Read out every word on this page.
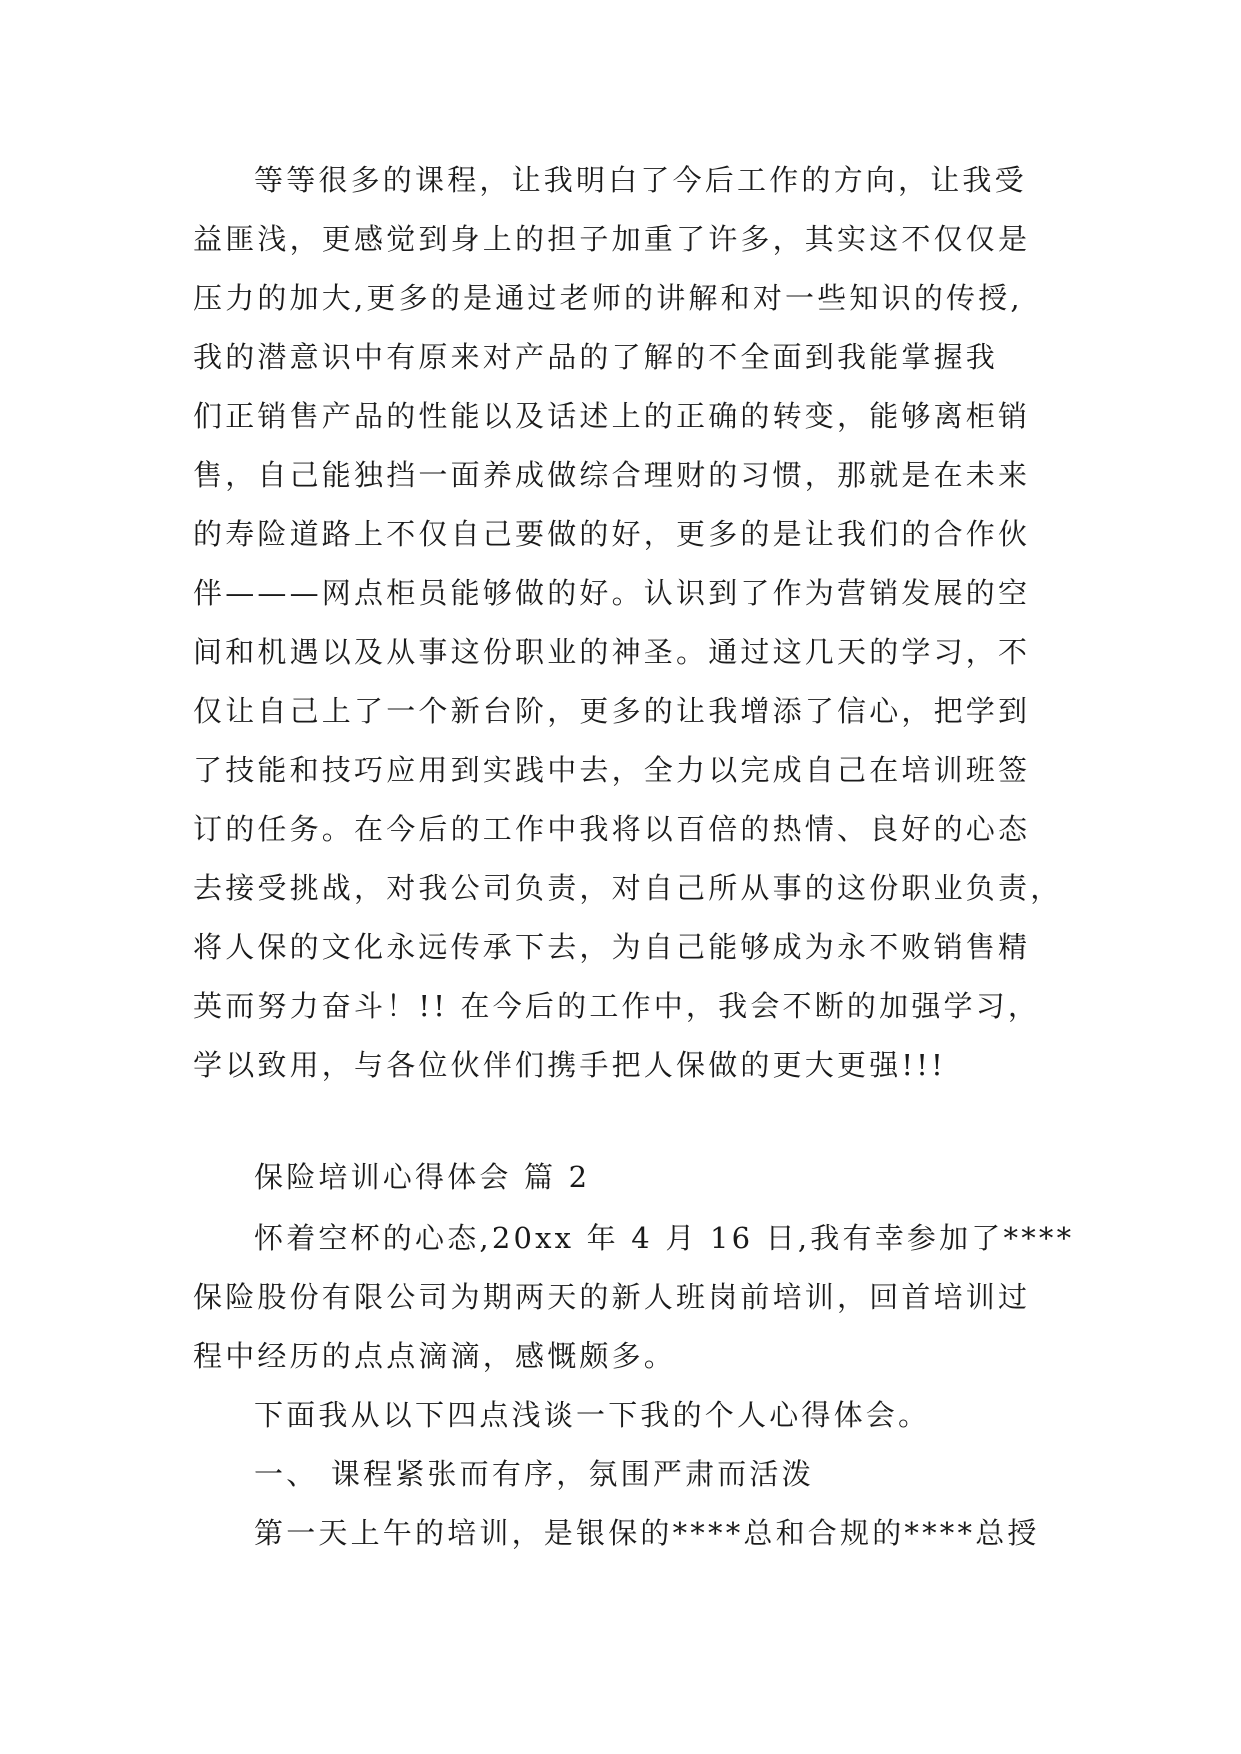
等等很多的课程，让我明白了今后工作的方向，让我受
益匪浅，更感觉到身上的担子加重了许多，其实这不仅仅是
压力的加大,更多的是通过老师的讲解和对一些知识的传授,
我的潜意识中有原来对产品的了解的不全面到我能掌握我
们正销售产品的性能以及话述上的正确的转变，能够离柜销
售，自己能独挡一面养成做综合理财的习惯，那就是在未来
的寿险道路上不仅自己要做的好，更多的是让我们的合作伙
伴———网点柜员能够做的好。认识到了作为营销发展的空
间和机遇以及从事这份职业的神圣。通过这几天的学习，不
仅让自己上了一个新台阶，更多的让我增添了信心，把学到
了技能和技巧应用到实践中去，全力以完成自己在培训班签
订的任务。在今后的工作中我将以百倍的热情、良好的心态
去接受挑战，对我公司负责，对自己所从事的这份职业负责，
将人保的文化永远传承下去，为自己能够成为永不败销售精
英而努力奋斗！!! 在今后的工作中，我会不断的加强学习，
学以致用，与各位伙伴们携手把人保做的更大更强!!!
保险培训心得体会 篇 2
怀着空杯的心态,20xx 年 4 月 16 日,我有幸参加了****
保险股份有限公司为期两天的新人班岗前培训，回首培训过
程中经历的点点滴滴，感慨颇多。
下面我从以下四点浅谈一下我的个人心得体会。
一、 课程紧张而有序，氛围严肃而活泼
第一天上午的培训，是银保的****总和合规的****总授
